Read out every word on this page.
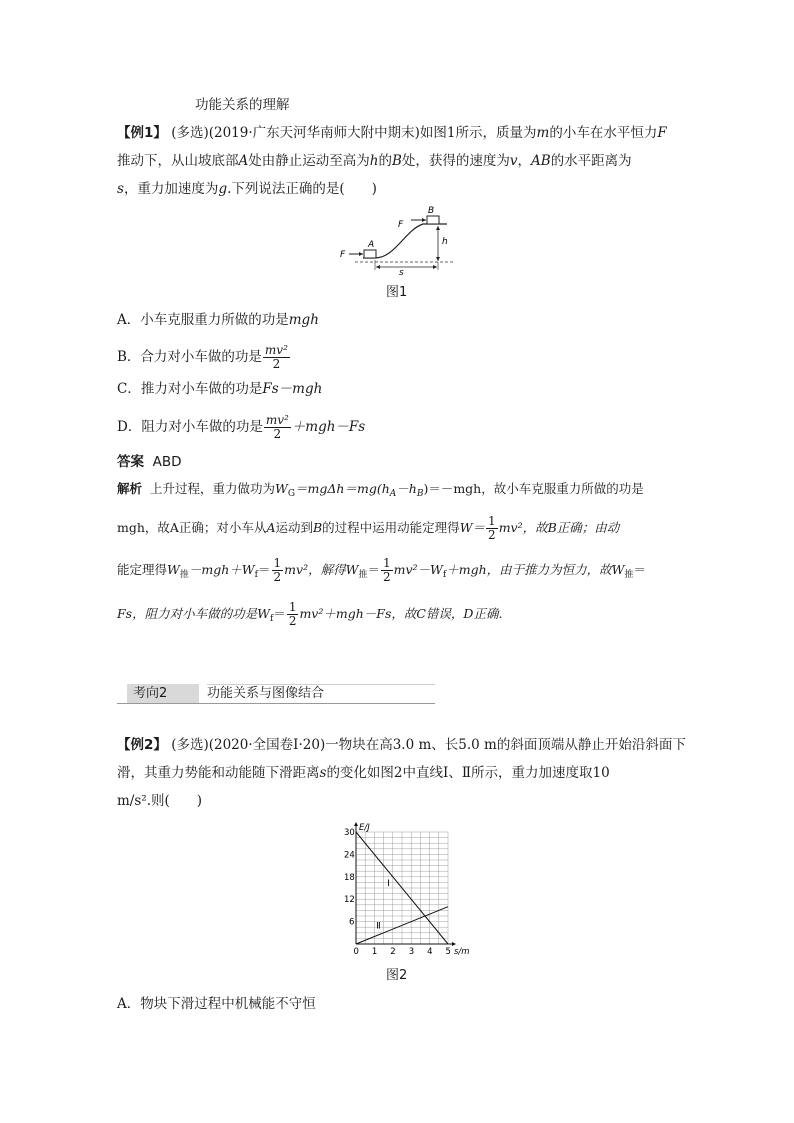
功能关系的理解
【例1】 (多选)(2019·广东天河华南师大附中期末)如图1所示，质量为m的小车在水平恒力F
推动下，从山坡底部A处由静止运动至高为h的B处，获得的速度为v，AB的水平距离为
s，重力加速度为g.下列说法正确的是(　　)
F
A
F
B
h
s
图1
A．小车克服重力所做的功是mgh
B．合力对小车做的功是 $\frac{\text{mv²}}{2}$
C．推力对小车做的功是Fs－mgh
D．阻力对小车做的功是 $\frac{\text{mv²}}{2} +mgh-Fs$
答案 ABD
解析 上升过程，重力做功为$W_G=mg\Delta h=mg(h_A-h_B)=-mgh$，故小车克服重力所做的功是
mgh，故A正确；对小车从A运动到B的过程中运用动能定理得$W= \frac{1}{2} mv^2$，故B正确；由动
能定理得$W_推-mgh+W_f= \frac{1}{2} mv^2$，解得$W_推= \frac{1}{2} mv^2-W_f+mgh$，由于推力为恒力，故$W_推=$
Fs，阻力对小车做的功是$W_f= \frac{1}{2} mv^2+mgh-Fs$，故C错误，D正确.
考向2	功能关系与图像结合
【例2】 (多选)(2020·全国卷Ⅰ·20)一物块在高3.0 m、长5.0 m的斜面顶端从静止开始沿斜面下
滑，其重力势能和动能随下滑距离s的变化如图2中直线Ⅰ、Ⅱ所示，重力加速度取10
m/s².则(　　)
0 1 2 3 4 5
6
12
18
24
30
Ⅰ
Ⅱ
E/J
s/m
图2
A．物块下滑过程中机械能不守恒
